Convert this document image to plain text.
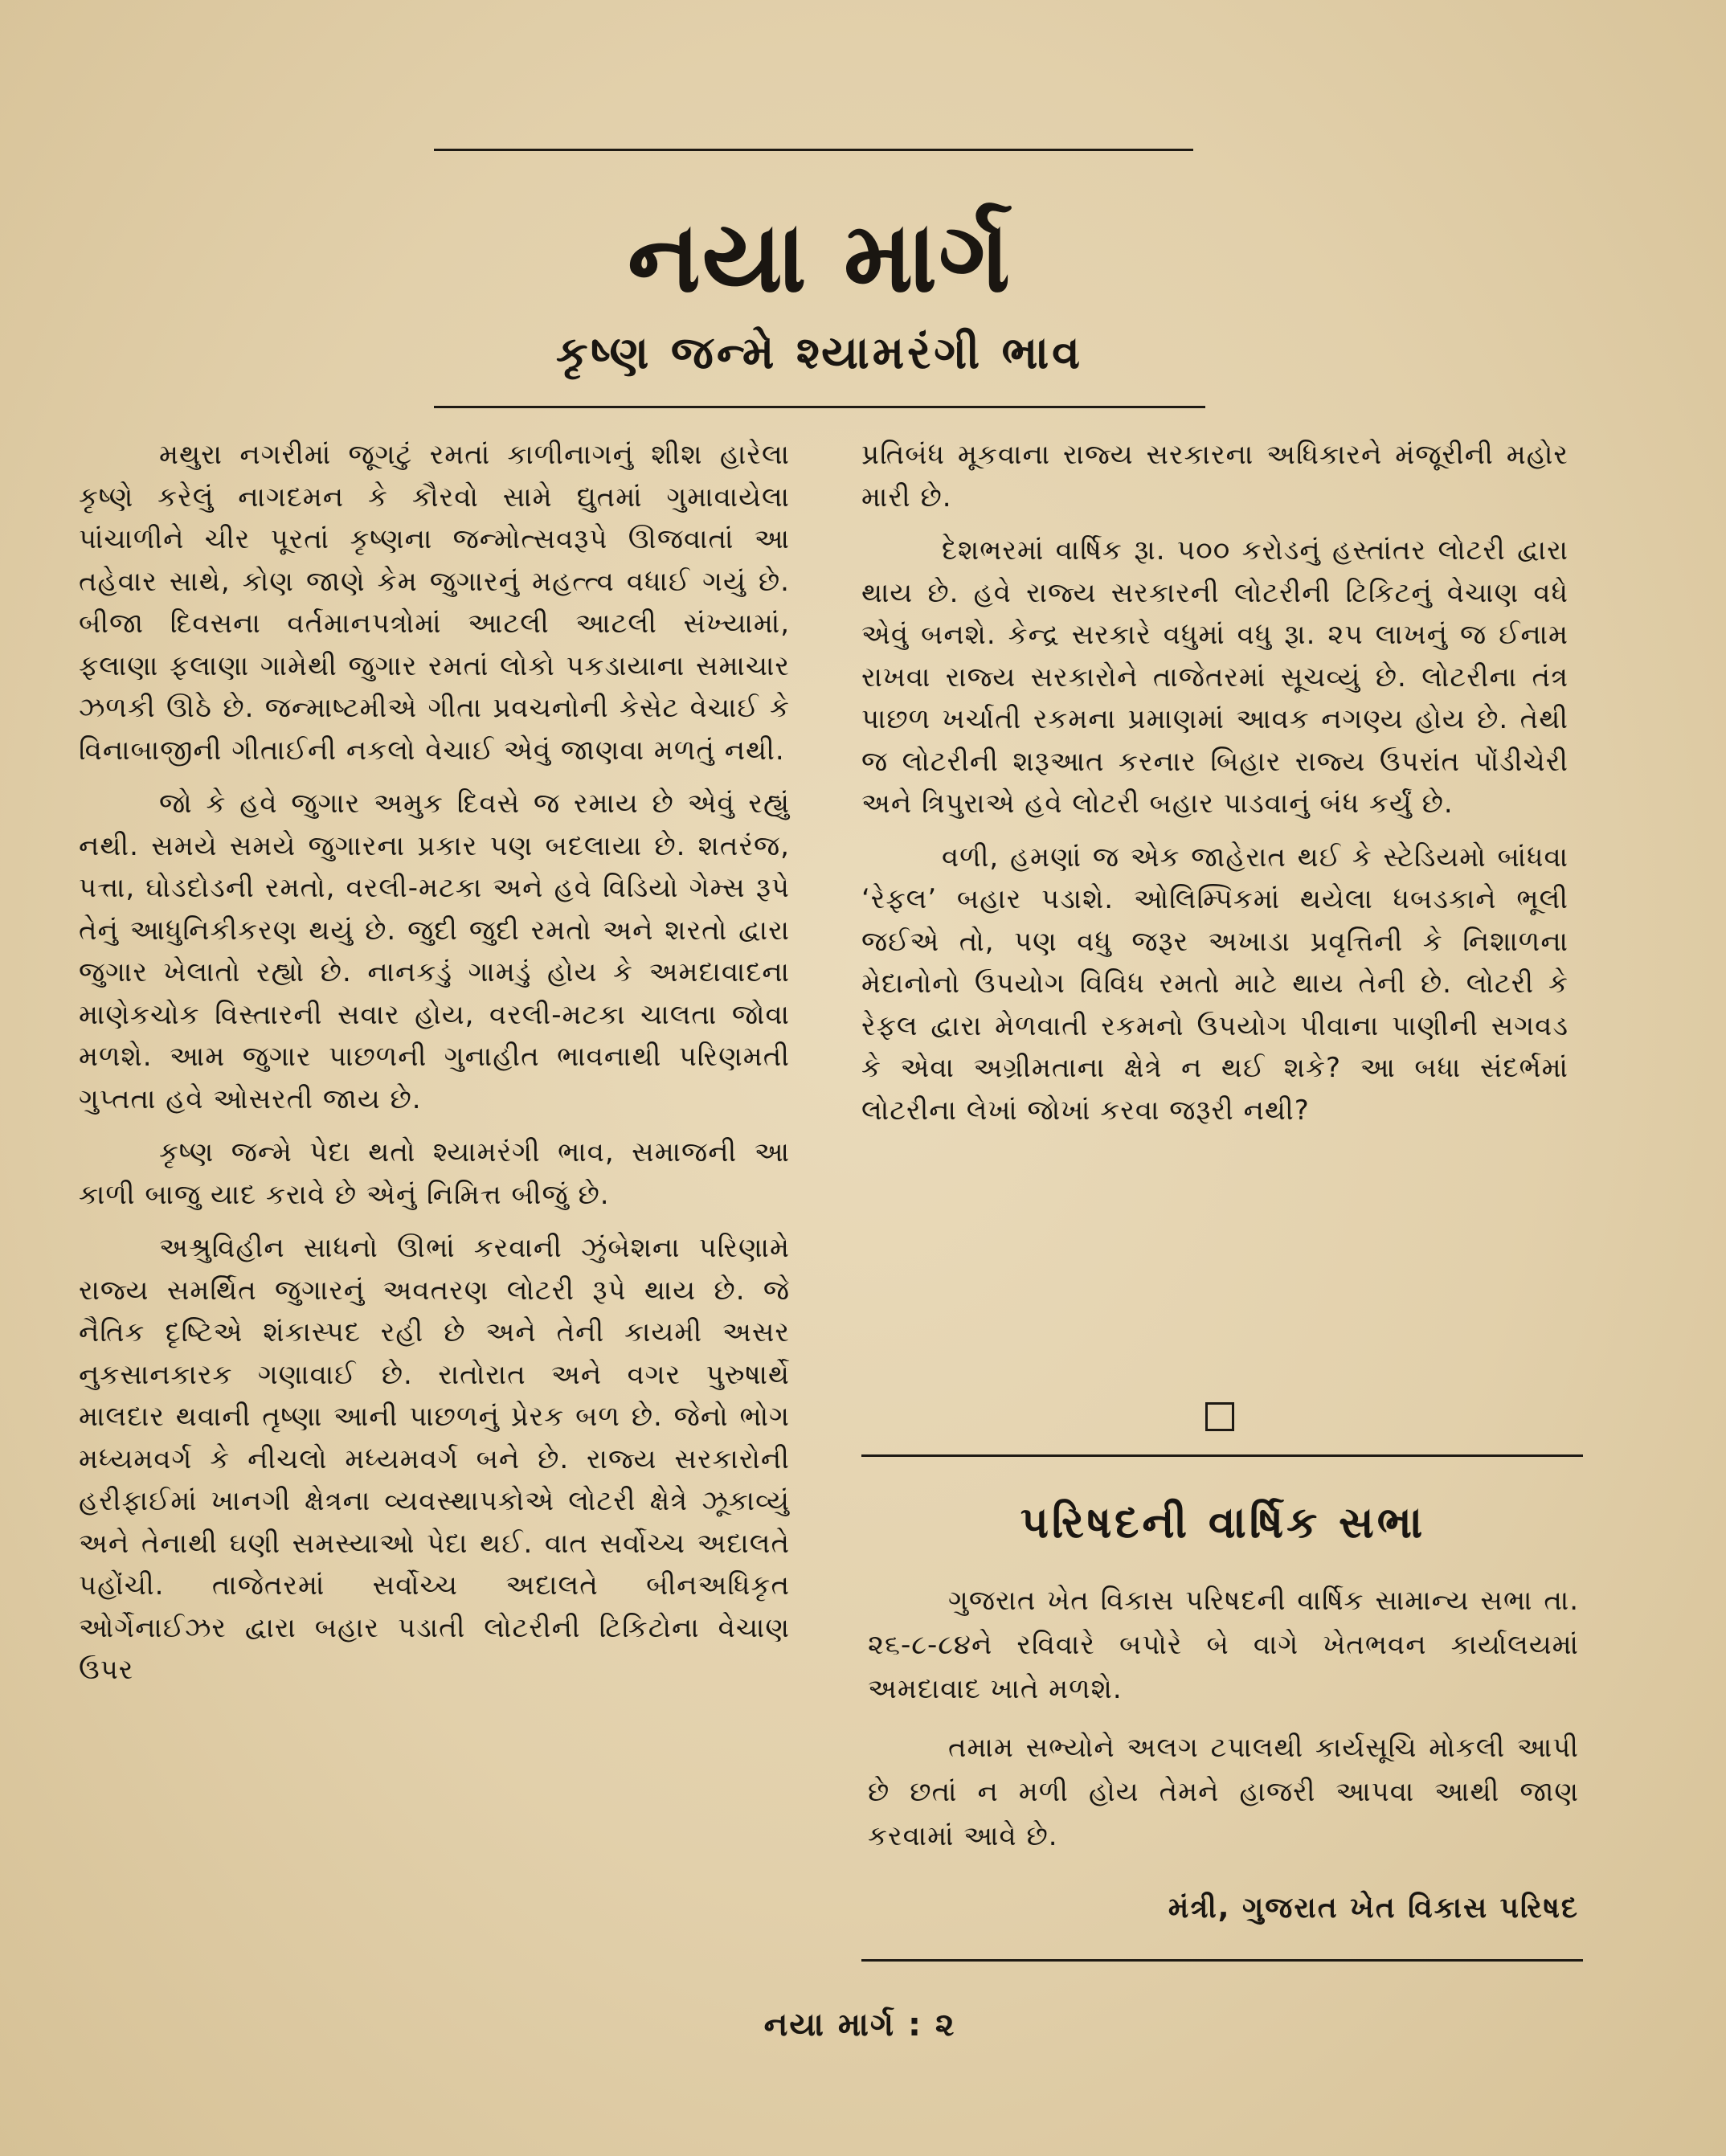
નયા માર્ગ
કૃષ્ણ જન્મે શ્યામરંગી ભાવ

મથુરા નગરીમાં જૂગટું રમતાં કાળીનાગનું શીશ હારેલા કૃષ્ણે કરેલું નાગદમન કે કૌરવો સામે દ્યુતમાં ગુમાવાયેલા પાંચાળીને ચીર પૂરતાં કૃષ્ણના જન્મોત્સવરૂપે ઊજવાતાં આ તહેવાર સાથે, કોણ જાણે કેમ જુગારનું મહત્ત્વ વધાઈ ગયું છે. બીજા દિવસના વર્તમાનપત્રોમાં આટલી આટલી સંખ્યામાં, ફલાણા ફલાણા ગામેથી જુગાર રમતાં લોકો પકડાયાના સમાચાર ઝળકી ઊઠે છે. જન્માષ્ટમીએ ગીતા પ્રવચનોની કેસેટ વેચાઈ કે વિનાબાજીની ગીતાઈની નકલો વેચાઈ એવું જાણવા મળતું નથી.

જો કે હવે જુગાર અમુક દિવસે જ રમાય છે એવું રહ્યું નથી. સમયે સમયે જુગારના પ્રકાર પણ બદલાયા છે. શતરંજ, પત્તા, ઘોડદોડની રમતો, વરલી-મટકા અને હવે વિડિયો ગેમ્સ રૂપે તેનું આધુનિકીકરણ થયું છે. જુદી જુદી રમતો અને શરતો દ્વારા જુગાર ખેલાતો રહ્યો છે. નાનકડું ગામડું હોય કે અમદાવાદના માણેકચોક વિસ્તારની સવાર હોય, વરલી-મટકા ચાલતા જોવા મળશે. આમ જુગાર પાછળની ગુનાહીત ભાવનાથી પરિણમતી ગુપ્તતા હવે ઓસરતી જાય છે.

કૃષ્ણ જન્મે પેદા થતો શ્યામરંગી ભાવ, સમાજની આ કાળી બાજુ યાદ કરાવે છે એનું નિમિત્ત બીજું છે.

અશ્રુવિહીન સાધનો ઊભાં કરવાની ઝુંબેશના પરિણામે રાજ્ય સમર્થિત જુગારનું અવતરણ લોટરી રૂપે થાય છે. જે નૈતિક દૃષ્ટિએ શંકાસ્પદ રહી છે અને તેની કાયમી અસર નુકસાનકારક ગણાવાઈ છે. રાતોરાત અને વગર પુરુષાર્થે માલદાર થવાની તૃષ્ણા આની પાછળનું પ્રેરક બળ છે. જેનો ભોગ મધ્યમવર્ગ કે નીચલો મધ્યમવર્ગ બને છે. રાજ્ય સરકારોની હરીફાઈમાં ખાનગી ક્ષેત્રના વ્યવસ્થાપકોએ લોટરી ક્ષેત્રે ઝૂકાવ્યું અને તેનાથી ઘણી સમસ્યાઓ પેદા થઈ. વાત સર્વોચ્ચ અદાલતે પહોંચી. તાજેતરમાં સર્વોચ્ચ અદાલતે બીનઅધિકૃત ઓર્ગેનાઈઝર દ્વારા બહાર પડાતી લોટરીની ટિકિટોના વેચાણ ઉપર

પ્રતિબંધ મૂકવાના રાજ્ય સરકારના અધિકારને મંજૂરીની મહોર મારી છે.

દેશભરમાં વાર્ષિક રૂા. ૫૦૦ કરોડનું હસ્તાંતર લોટરી દ્વારા થાય છે. હવે રાજ્ય સરકારની લોટરીની ટિકિટનું વેચાણ વધે એવું બનશે. કેન્દ્ર સરકારે વધુમાં વધુ રૂા. ૨૫ લાખનું જ ઈનામ રાખવા રાજ્ય સરકારોને તાજેતરમાં સૂચવ્યું છે. લોટરીના તંત્ર પાછળ ખર્ચાતી રકમના પ્રમાણમાં આવક નગણ્ય હોય છે. તેથી જ લોટરીની શરૂઆત કરનાર બિહાર રાજ્ય ઉપરાંત પોંડીચેરી અને ત્રિપુરાએ હવે લોટરી બહાર પાડવાનું બંધ કર્યું છે.

વળી, હમણાં જ એક જાહેરાત થઈ કે સ્ટેડિયમો બાંધવા ‘રેફલ’ બહાર પડાશે. ઓલિમ્પિકમાં થયેલા ધબડકાને ભૂલી જઈએ તો, પણ વધુ જરૂર અખાડા પ્રવૃત્તિની કે નિશાળના મેદાનોનો ઉપયોગ વિવિધ રમતો માટે થાય તેની છે. લોટરી કે રેફલ દ્વારા મેળવાતી રકમનો ઉપયોગ પીવાના પાણીની સગવડ કે એવા અગ્રીમતાના ક્ષેત્રે ન થઈ શકે? આ બધા સંદર્ભમાં લોટરીના લેખાં જોખાં કરવા જરૂરી નથી?

પરિષદની વાર્ષિક સભા

ગુજરાત ખેત વિકાસ પરિષદની વાર્ષિક સામાન્ય સભા તા. ૨૬-૮-૮૪ને રવિવારે બપોરે બે વાગે ખેતભવન કાર્યાલયમાં અમદાવાદ ખાતે મળશે.

તમામ સભ્યોને અલગ ટપાલથી કાર્યસૂચિ મોકલી આપી છે છતાં ન મળી હોય તેમને હાજરી આપવા આથી જાણ કરવામાં આવે છે.

મંત્રી, ગુજરાત ખેત વિકાસ પરિષદ
નયા માર્ગ : ૨
